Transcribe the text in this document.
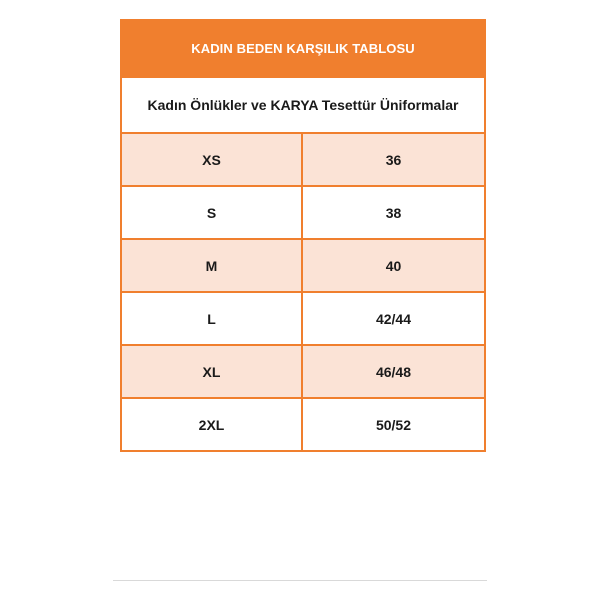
KADIN BEDEN KARŞILIK TABLOSU
Kadın Önlükler ve KARYA Tesettür Üniformalar
XS	36
S	38
M	40
L	42/44
XL	46/48
2XL	50/52
